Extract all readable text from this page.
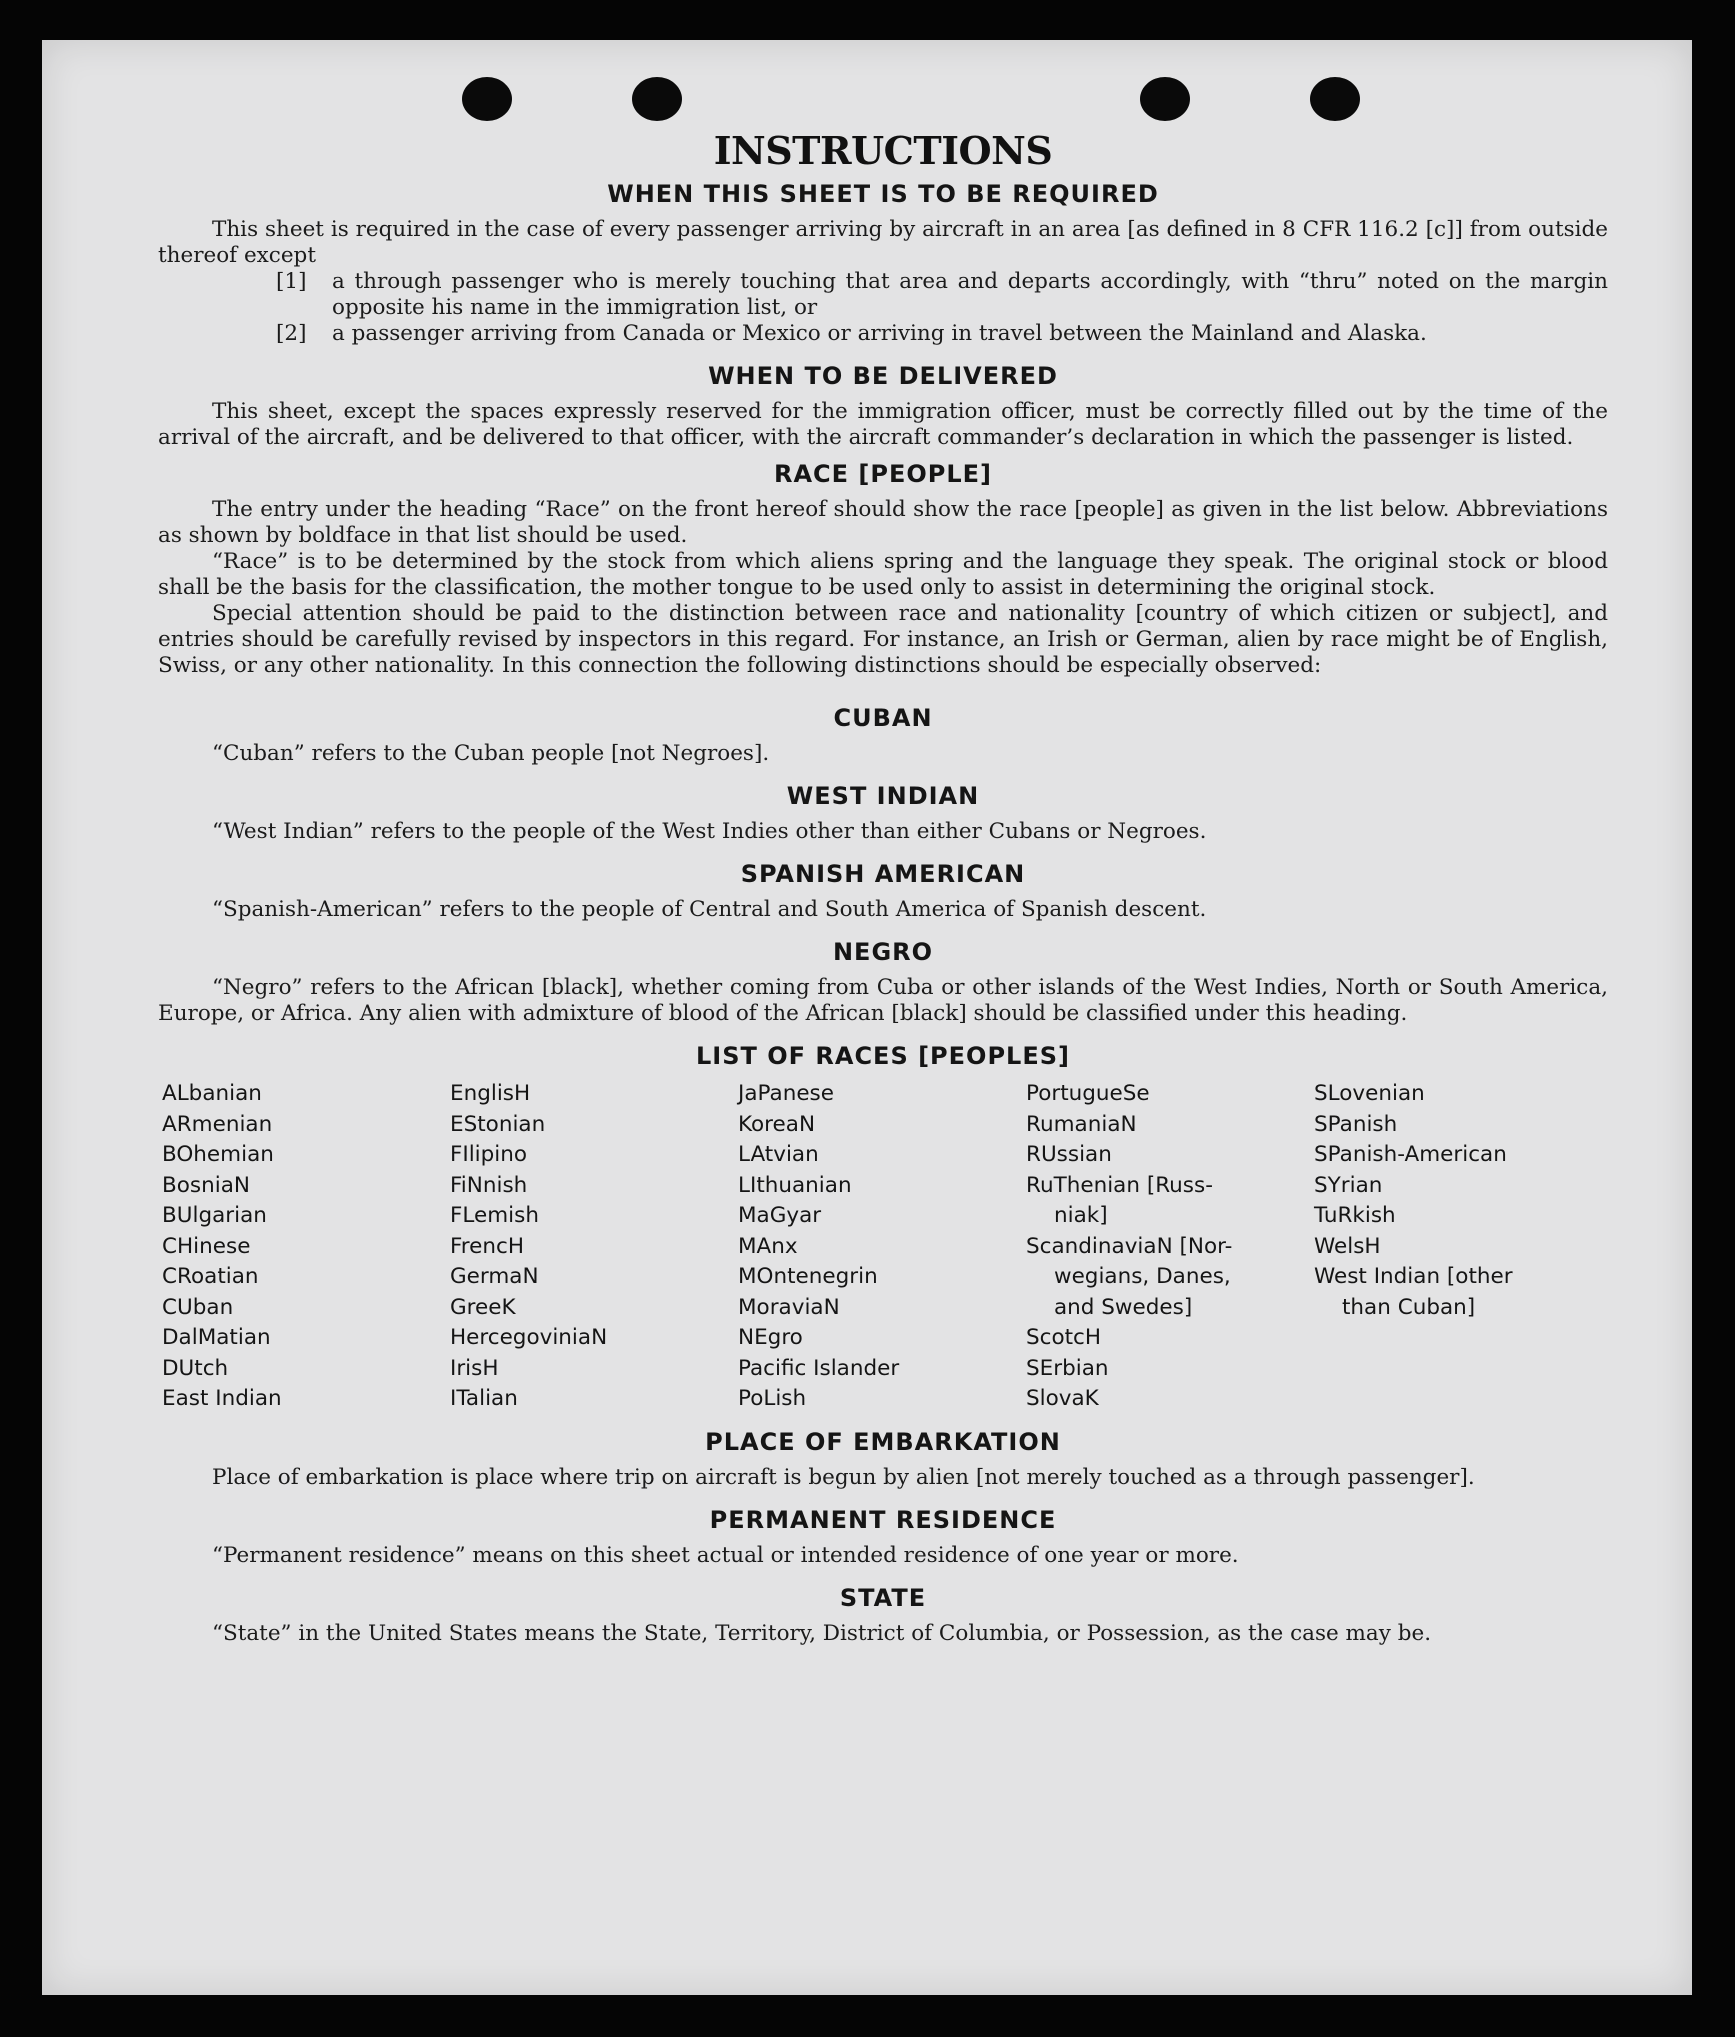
INSTRUCTIONS
WHEN THIS SHEET IS TO BE REQUIRED

This sheet is required in the case of every passenger arriving by aircraft in an area [as defined in 8 CFR 116.2 [c]] from outside thereof except

[1]	a through passenger who is merely touching that area and departs accordingly, with “thru” noted on the margin opposite his name in the immigration list, or
[2]	a passenger arriving from Canada or Mexico or arriving in travel between the Mainland and Alaska.
WHEN TO BE DELIVERED

This sheet, except the spaces expressly reserved for the immigration officer, must be correctly filled out by the time of the arrival of the aircraft, and be delivered to that officer, with the aircraft commander’s declaration in which the passenger is listed.

RACE [PEOPLE]

The entry under the heading “Race” on the front hereof should show the race [people] as given in the list below. Abbreviations as shown by boldface in that list should be used.

“Race” is to be determined by the stock from which aliens spring and the language they speak. The original stock or blood shall be the basis for the classification, the mother tongue to be used only to assist in determining the original stock.

Special attention should be paid to the distinction between race and nationality [country of which citizen or subject], and entries should be carefully revised by inspectors in this regard. For instance, an Irish or German, alien by race might be of English, Swiss, or any other nationality. In this connection the following distinctions should be especially observed:

CUBAN

“Cuban” refers to the Cuban people [not Negroes].

WEST INDIAN

“West Indian” refers to the people of the West Indies other than either Cubans or Negroes.

SPANISH AMERICAN

“Spanish-American” refers to the people of Central and South America of Spanish descent.

NEGRO

“Negro” refers to the African [black], whether coming from Cuba or other islands of the West Indies, North or South America, Europe, or Africa. Any alien with admixture of blood of the African [black] should be classified under this heading.

LIST OF RACES [PEOPLES]
ALbanian
ARmenian
BOhemian
BosniaN
BUlgarian
CHinese
CRoatian
CUban
DalMatian
DUtch
East Indian
EnglisH
EStonian
FIlipino
FiNnish
FLemish
FrencH
GermaN
GreeK
HercegoviniaN
IrisH
ITalian
JaPanese
KoreaN
LAtvian
LIthuanian
MaGyar
MAnx
MOntenegrin
MoraviaN
NEgro
Pacific Islander
PoLish
PortugueSe
RumaniaN
RUssian
RuThenian [Russ-
niak]
ScandinaviaN [Nor-
wegians, Danes,
and Swedes]
ScotcH
SErbian
SlovaK
SLovenian
SPanish
SPanish-American
SYrian
TuRkish
WelsH
West Indian [other
than Cuban]
PLACE OF EMBARKATION

Place of embarkation is place where trip on aircraft is begun by alien [not merely touched as a through passenger].

PERMANENT RESIDENCE

“Permanent residence” means on this sheet actual or intended residence of one year or more.

STATE

“State” in the United States means the State, Territory, District of Columbia, or Possession, as the case may be.
